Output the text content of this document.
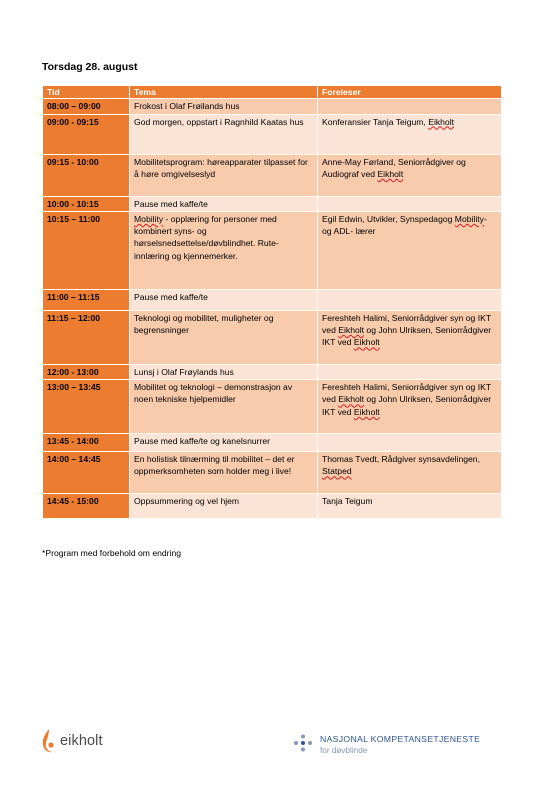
Torsdag 28. august
Tid	Tema	Foreleser
08:00 – 09:00	Frokost i Olaf Frøilands hus	
09:00 - 09:15	God morgen, oppstart i Ragnhild Kaatas hus	Konferansier Tanja Teigum, Eikholt
09:15 - 10:00	Mobilitetsprogram: høreapparater tilpasset for å høre omgivelseslyd	Anne-May Førland, Seniorrådgiver og Audiograf ved Eikholt
10:00 - 10:15	Pause med kaffe/te	
10:15 – 11:00	Mobility - opplæring for personer med kombinert syns- og hørselsnedsettelse/døvblindhet. Rute-innlæring og kjennemerker.	Egil Edwin, Utvikler, Synspedagog Mobility- og ADL- lærer
11:00 – 11:15	Pause med kaffe/te	
11:15 – 12:00	Teknologi og mobilitet, muligheter og begrensninger	Fereshteh Halimi, Seniorrådgiver syn og IKT ved Eikholt og John Ulriksen, Seniorrådgiver IKT ved Eikholt
12:00 - 13:00	Lunsj i Olaf Frøylands hus	
13:00 – 13:45	Mobilitet og teknologi – demonstrasjon av noen tekniske hjelpemidler	Fereshteh Halimi, Seniorrådgiver syn og IKT ved Eikholt og John Ulriksen, Seniorrådgiver IKT ved Eikholt
13:45 - 14:00	Pause med kaffe/te og kanelsnurrer	
14:00 – 14:45	En holistisk tilnærming til mobilitet – det er oppmerksomheten som holder meg i live!	Thomas Tvedt, Rådgiver synsavdelingen, Statped
14:45 - 15:00	Oppsummering og vel hjem	Tanja Teigum
*Program med forbehold om endring
eikholt	NASJONAL KOMPETANSETJENESTE
for døvblinde
